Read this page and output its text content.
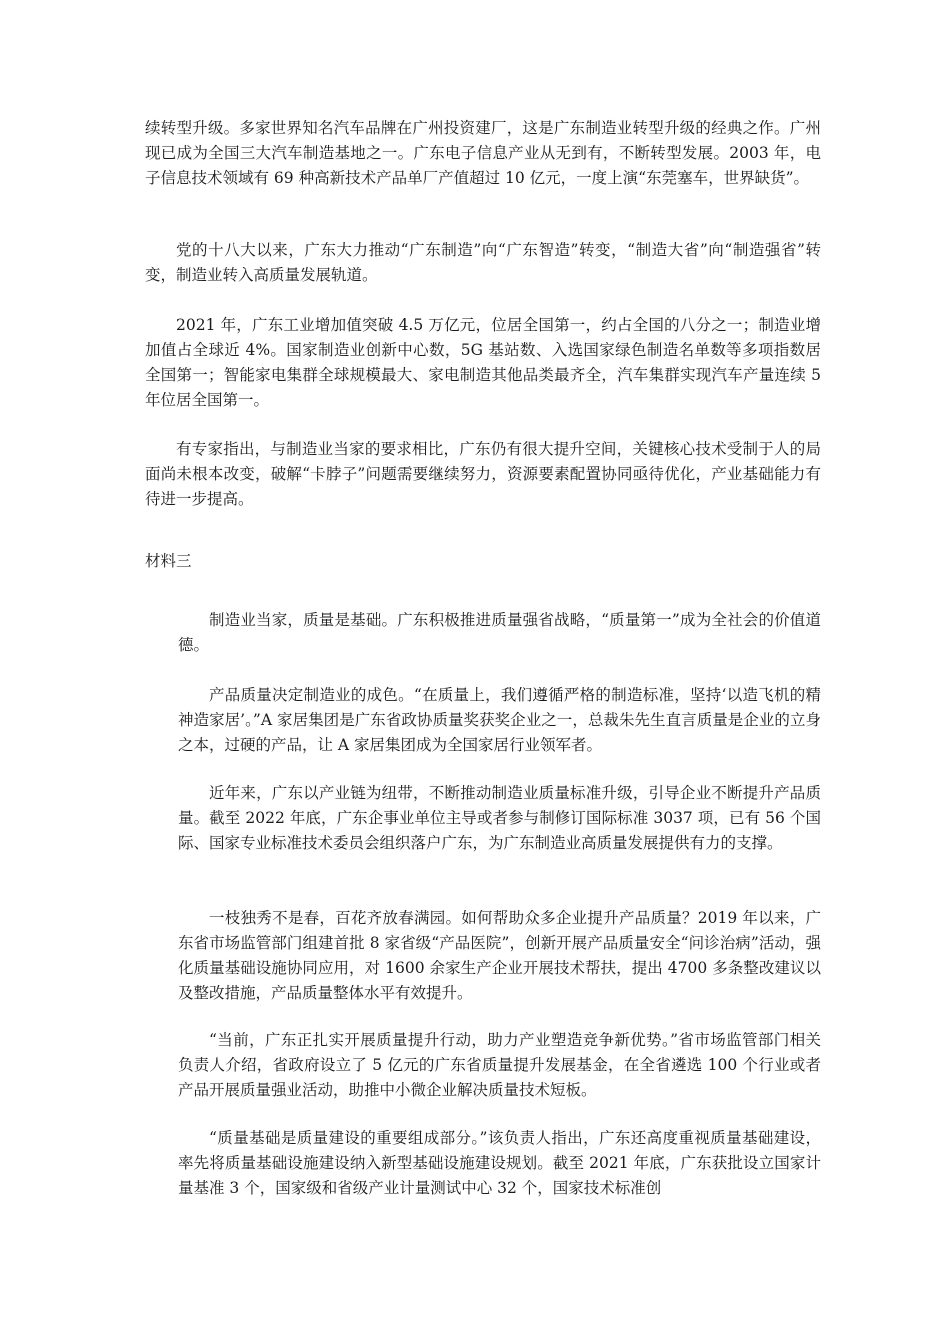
续转型升级。多家世界知名汽车品牌在广州投资建厂，这是广东制造业转型升级的经典之作。广州现已成为全国三大汽车制造基地之一。广东电子信息产业从无到有，不断转型发展。2003 年，电子信息技术领域有 69 种高新技术产品单厂产值超过 10 亿元，一度上演“东莞塞车，世界缺货”。

党的十八大以来，广东大力推动“广东制造”向“广东智造”转变，“制造大省”向“制造强省”转变，制造业转入高质量发展轨道。

2021 年，广东工业增加值突破 4.5 万亿元，位居全国第一，约占全国的八分之一；制造业增加值占全球近 4%。国家制造业创新中心数，5G 基站数、入选国家绿色制造名单数等多项指数居全国第一；智能家电集群全球规模最大、家电制造其他品类最齐全，汽车集群实现汽车产量连续 5 年位居全国第一。

有专家指出，与制造业当家的要求相比，广东仍有很大提升空间，关键核心技术受制于人的局面尚未根本改变，破解“卡脖子”问题需要继续努力，资源要素配置协同亟待优化，产业基础能力有待进一步提高。

材料三

制造业当家，质量是基础。广东积极推进质量强省战略，“质量第一”成为全社会的价值道德。

产品质量决定制造业的成色。“在质量上，我们遵循严格的制造标准，坚持‘以造飞机的精神造家居’。”A 家居集团是广东省政协质量奖获奖企业之一，总裁朱先生直言质量是企业的立身之本，过硬的产品，让 A 家居集团成为全国家居行业领军者。

近年来，广东以产业链为纽带，不断推动制造业质量标准升级，引导企业不断提升产品质量。截至 2022 年底，广东企事业单位主导或者参与制修订国际标准 3037 项，已有 56 个国际、国家专业标准技术委员会组织落户广东，为广东制造业高质量发展提供有力的支撑。

一枝独秀不是春，百花齐放春满园。如何帮助众多企业提升产品质量？2019 年以来，广东省市场监管部门组建首批 8 家省级“产品医院”，创新开展产品质量安全“问诊治病”活动，强化质量基础设施协同应用，对 1600 余家生产企业开展技术帮扶，提出 4700 多条整改建议以及整改措施，产品质量整体水平有效提升。

“当前，广东正扎实开展质量提升行动，助力产业塑造竞争新优势。”省市场监管部门相关负责人介绍，省政府设立了 5 亿元的广东省质量提升发展基金，在全省遴选 100 个行业或者产品开展质量强业活动，助推中小微企业解决质量技术短板。

“质量基础是质量建设的重要组成部分。”该负责人指出，广东还高度重视质量基础建设，率先将质量基础设施建设纳入新型基础设施建设规划。截至 2021 年底，广东获批设立国家计量基准 3 个，国家级和省级产业计量测试中心 32 个，国家技术标准创
